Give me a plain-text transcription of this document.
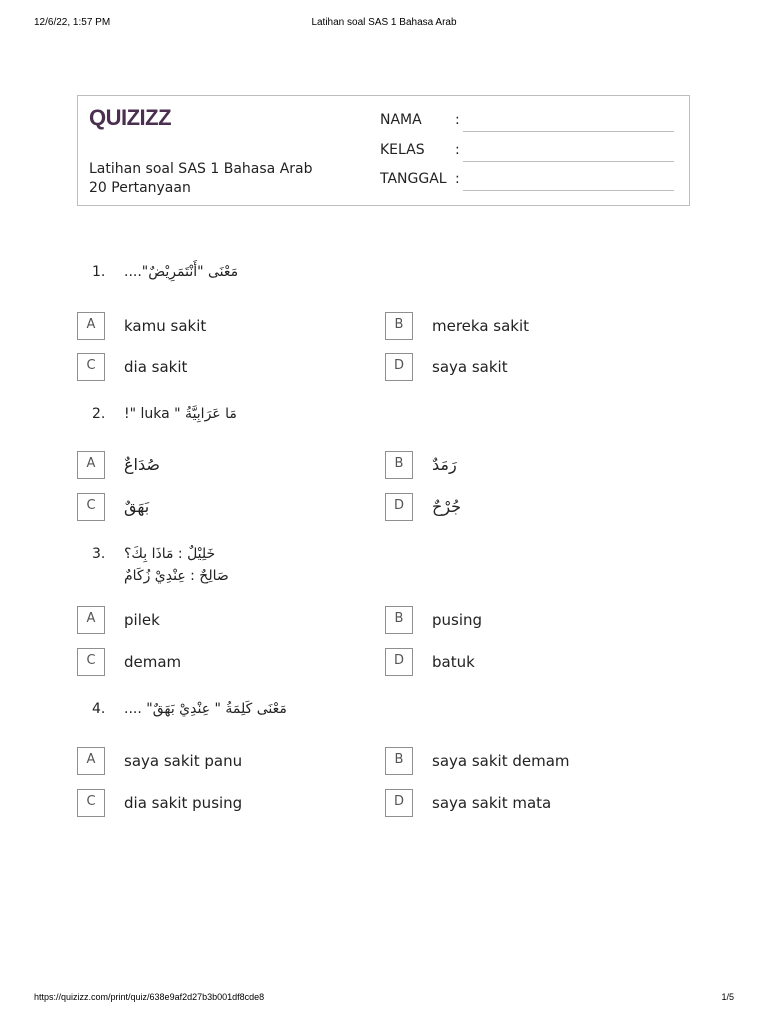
12/6/22, 1:57 PM	Latihan soal SAS 1 Bahasa Arab
QUIZIZZ
Latihan soal SAS 1 Bahasa Arab
20 Pertanyaan
NAMA :
KELAS :
TANGGAL :
1. مَعْنَى "أَنْتَمَرِيْضٌ"....
A	kamu sakit	B	mereka sakit
C	dia sakit	D	saya sakit
2. مَا عَرَابِيَّةُ " luka "!
A	صُدَاعٌ	B	رَمَدٌ
C	بَهَقٌ	D	جُرْحٌ
3. خَلِيْلٌ : مَاذَا بِكَ؟
صَالِحٌ : عِنْدِيْ زُكَامٌ
A	pilek	B	pusing
C	demam	D	batuk
4. مَعْنَى كَلِمَةُ " عِنْدِيْ بَهَقٌ" ....
A	saya sakit panu	B	saya sakit demam
C	dia sakit pusing	D	saya sakit mata
https://quizizz.com/print/quiz/638e9af2d27b3b001df8cde8	1/5
